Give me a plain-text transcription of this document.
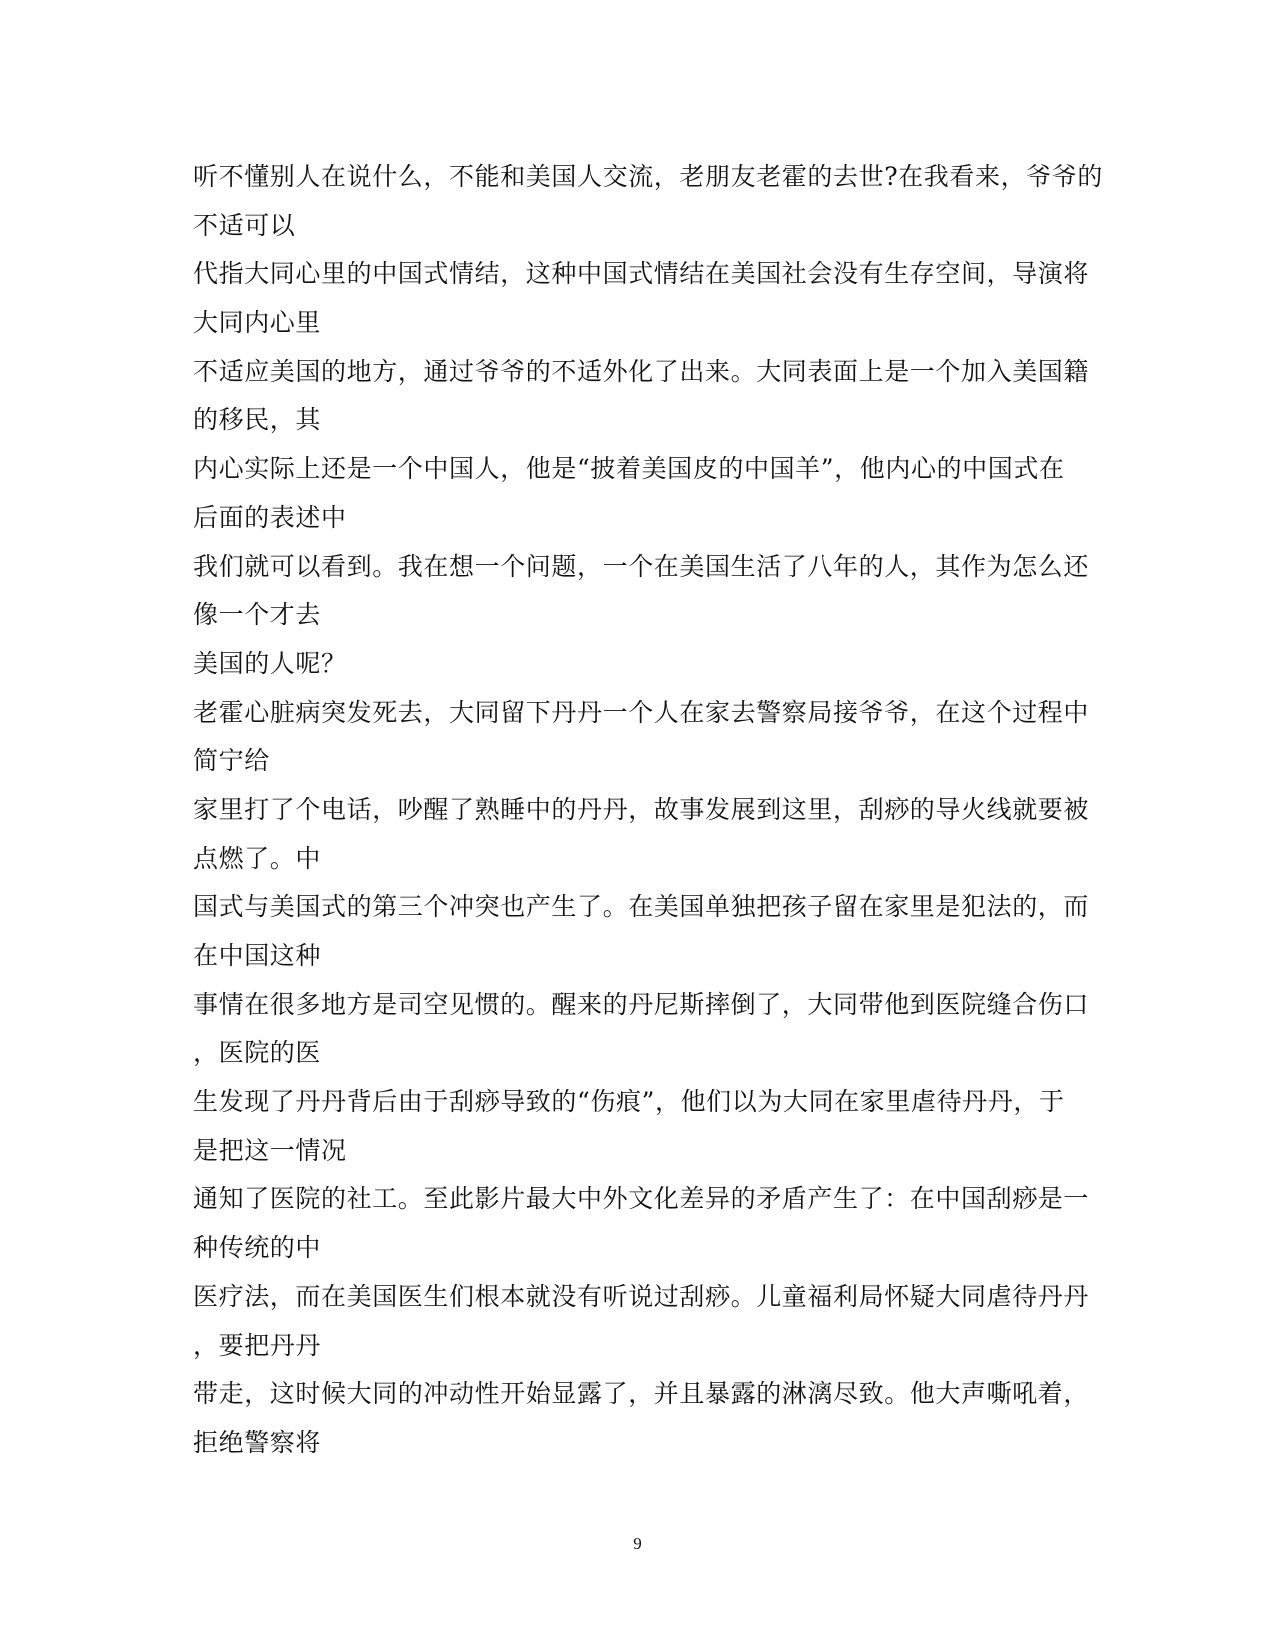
听不懂别人在说什么，不能和美国人交流，老朋友老霍的去世?在我看来，爷爷的
不适可以
代指大同心里的中国式情结，这种中国式情结在美国社会没有生存空间，导演将
大同内心里
不适应美国的地方，通过爷爷的不适外化了出来。大同表面上是一个加入美国籍
的移民，其
内心实际上还是一个中国人，他是“披着美国皮的中国羊”，他内心的中国式在
后面的表述中
我们就可以看到。我在想一个问题，一个在美国生活了八年的人，其作为怎么还
像一个才去
美国的人呢？
老霍心脏病突发死去，大同留下丹丹一个人在家去警察局接爷爷，在这个过程中
简宁给
家里打了个电话，吵醒了熟睡中的丹丹，故事发展到这里，刮痧的导火线就要被
点燃了。中
国式与美国式的第三个冲突也产生了。在美国单独把孩子留在家里是犯法的，而
在中国这种
事情在很多地方是司空见惯的。醒来的丹尼斯摔倒了，大同带他到医院缝合伤口
，医院的医
生发现了丹丹背后由于刮痧导致的“伤痕”，他们以为大同在家里虐待丹丹，于
是把这一情况
通知了医院的社工。至此影片最大中外文化差异的矛盾产生了：在中国刮痧是一
种传统的中
医疗法，而在美国医生们根本就没有听说过刮痧。儿童福利局怀疑大同虐待丹丹
，要把丹丹
带走，这时候大同的冲动性开始显露了，并且暴露的淋漓尽致。他大声嘶吼着，
拒绝警察将
9
